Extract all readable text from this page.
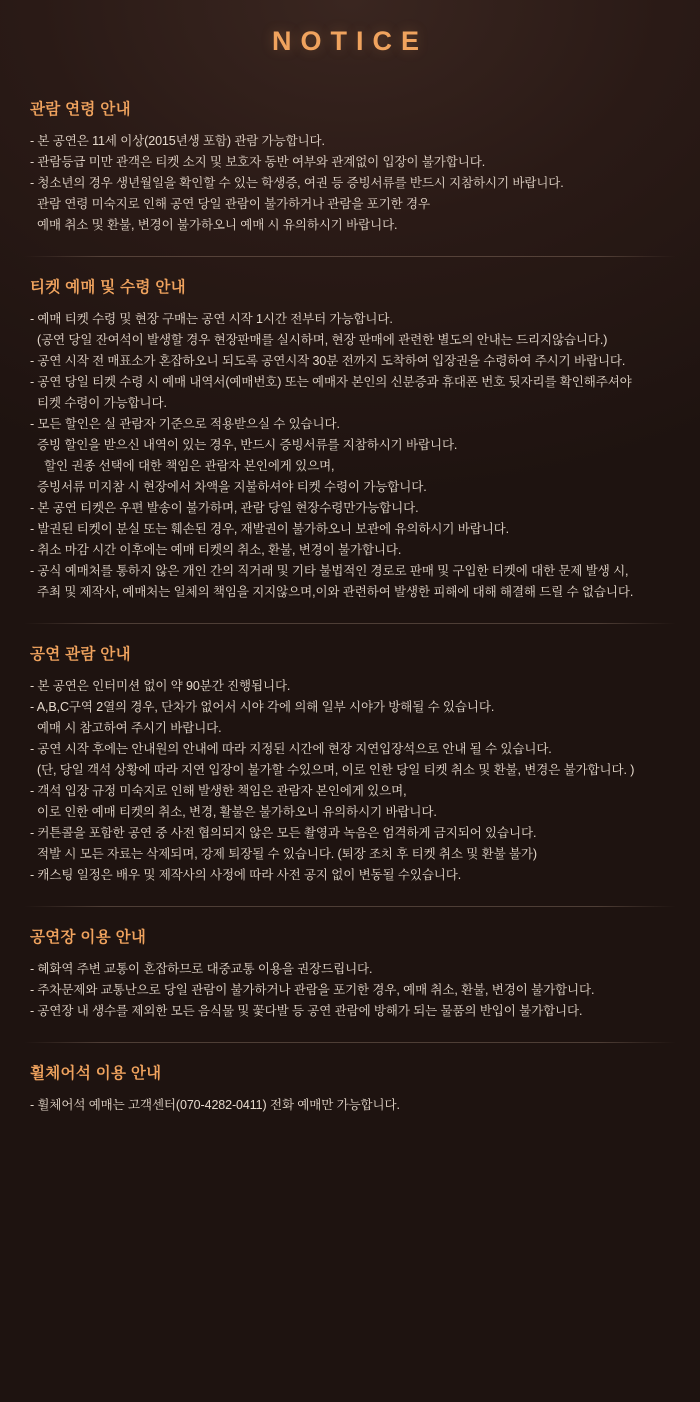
NOTICE
관람 연령 안내
- 본 공연은 11세 이상(2015년생 포함) 관람 가능합니다.
- 관람등급 미만 관객은 티켓 소지 및 보호자 동반 여부와 관계없이 입장이 불가합니다.
- 청소년의 경우 생년월일을 확인할 수 있는 학생증, 여권 등 증빙서류를 반드시 지참하시기 바랍니다.
관람 연령 미숙지로 인해 공연 당일 관람이 불가하거나 관람을 포기한 경우
예매 취소 및 환불, 변경이 불가하오니 예매 시 유의하시기 바랍니다.
티켓 예매 및 수령 안내
- 예매 티켓 수령 및 현장 구매는 공연 시작 1시간 전부터 가능합니다.
(공연 당일 잔여석이 발생할 경우 현장판매를 실시하며, 현장 판매에 관련한 별도의 안내는 드리지않습니다.)
- 공연 시작 전 매표소가 혼잡하오니 되도록 공연시작 30분 전까지 도착하여 입장권을 수령하여 주시기 바랍니다.
- 공연 당일 티켓 수령 시 예매 내역서(예매번호) 또는 예매자 본인의 신분증과 휴대폰 번호 뒷자리를 확인해주셔야
티켓 수령이 가능합니다.
- 모든 할인은 실 관람자 기준으로 적용받으실 수 있습니다.
증빙 할인을 받으신 내역이 있는 경우, 반드시 증빙서류를 지참하시기 바랍니다.
할인 권종 선택에 대한 책임은 관람자 본인에게 있으며,
증빙서류 미지참 시 현장에서 차액을 지불하셔야 티켓 수령이 가능합니다.
- 본 공연 티켓은 우편 발송이 불가하며, 관람 당일 현장수령만가능합니다.
- 발권된 티켓이 분실 또는 훼손된 경우, 재발권이 불가하오니 보관에 유의하시기 바랍니다.
- 취소 마감 시간 이후에는 예매 티켓의 취소, 환불, 변경이 불가합니다.
- 공식 예매처를 통하지 않은 개인 간의 직거래 및 기타 불법적인 경로로 판매 및 구입한 티켓에 대한 문제 발생 시,
주최 및 제작사, 예매처는 일체의 책임을 지지않으며,이와 관련하여 발생한 피해에 대해 해결해 드릴 수 없습니다.
공연 관람 안내
- 본 공연은 인터미션 없이 약 90분간 진행됩니다.
- A,B,C구역 2열의 경우, 단차가 없어서 시야 각에 의해 일부 시야가 방해될 수 있습니다.
예매 시 참고하여 주시기 바랍니다.
- 공연 시작 후에는 안내원의 안내에 따라 지정된 시간에 현장 지연입장석으로 안내 될 수 있습니다.
(단, 당일 객석 상황에 따라 지연 입장이 불가할 수있으며, 이로 인한 당일 티켓 취소 및 환불, 변경은 불가합니다. )
- 객석 입장 규정 미숙지로 인해 발생한 책임은 관람자 본인에게 있으며,
이로 인한 예매 티켓의 취소, 변경, 활불은 불가하오니 유의하시기 바랍니다.
- 커튼콜을 포함한 공연 중 사전 협의되지 않은 모든 촬영과 녹음은 엄격하게 금지되어 있습니다.
적발 시 모든 자료는 삭제되며, 강제 퇴장될 수 있습니다. (퇴장 조치 후 티켓 취소 및 환불 불가)
- 캐스팅 일정은 배우 및 제작사의 사정에 따라 사전 공지 없이 변동될 수있습니다.
공연장 이용 안내
- 혜화역 주변 교통이 혼잡하므로 대중교통 이용을 권장드립니다.
- 주차문제와 교통난으로 당일 관람이 불가하거나 관람을 포기한 경우, 예매 취소, 환불, 변경이 불가합니다.
- 공연장 내 생수를 제외한 모든 음식물 및 꽃다발 등 공연 관람에 방해가 되는 물품의 반입이 불가합니다.
휠체어석 이용 안내
- 휠체어석 예매는 고객센터(070-4282-0411) 전화 예매만 가능합니다.
